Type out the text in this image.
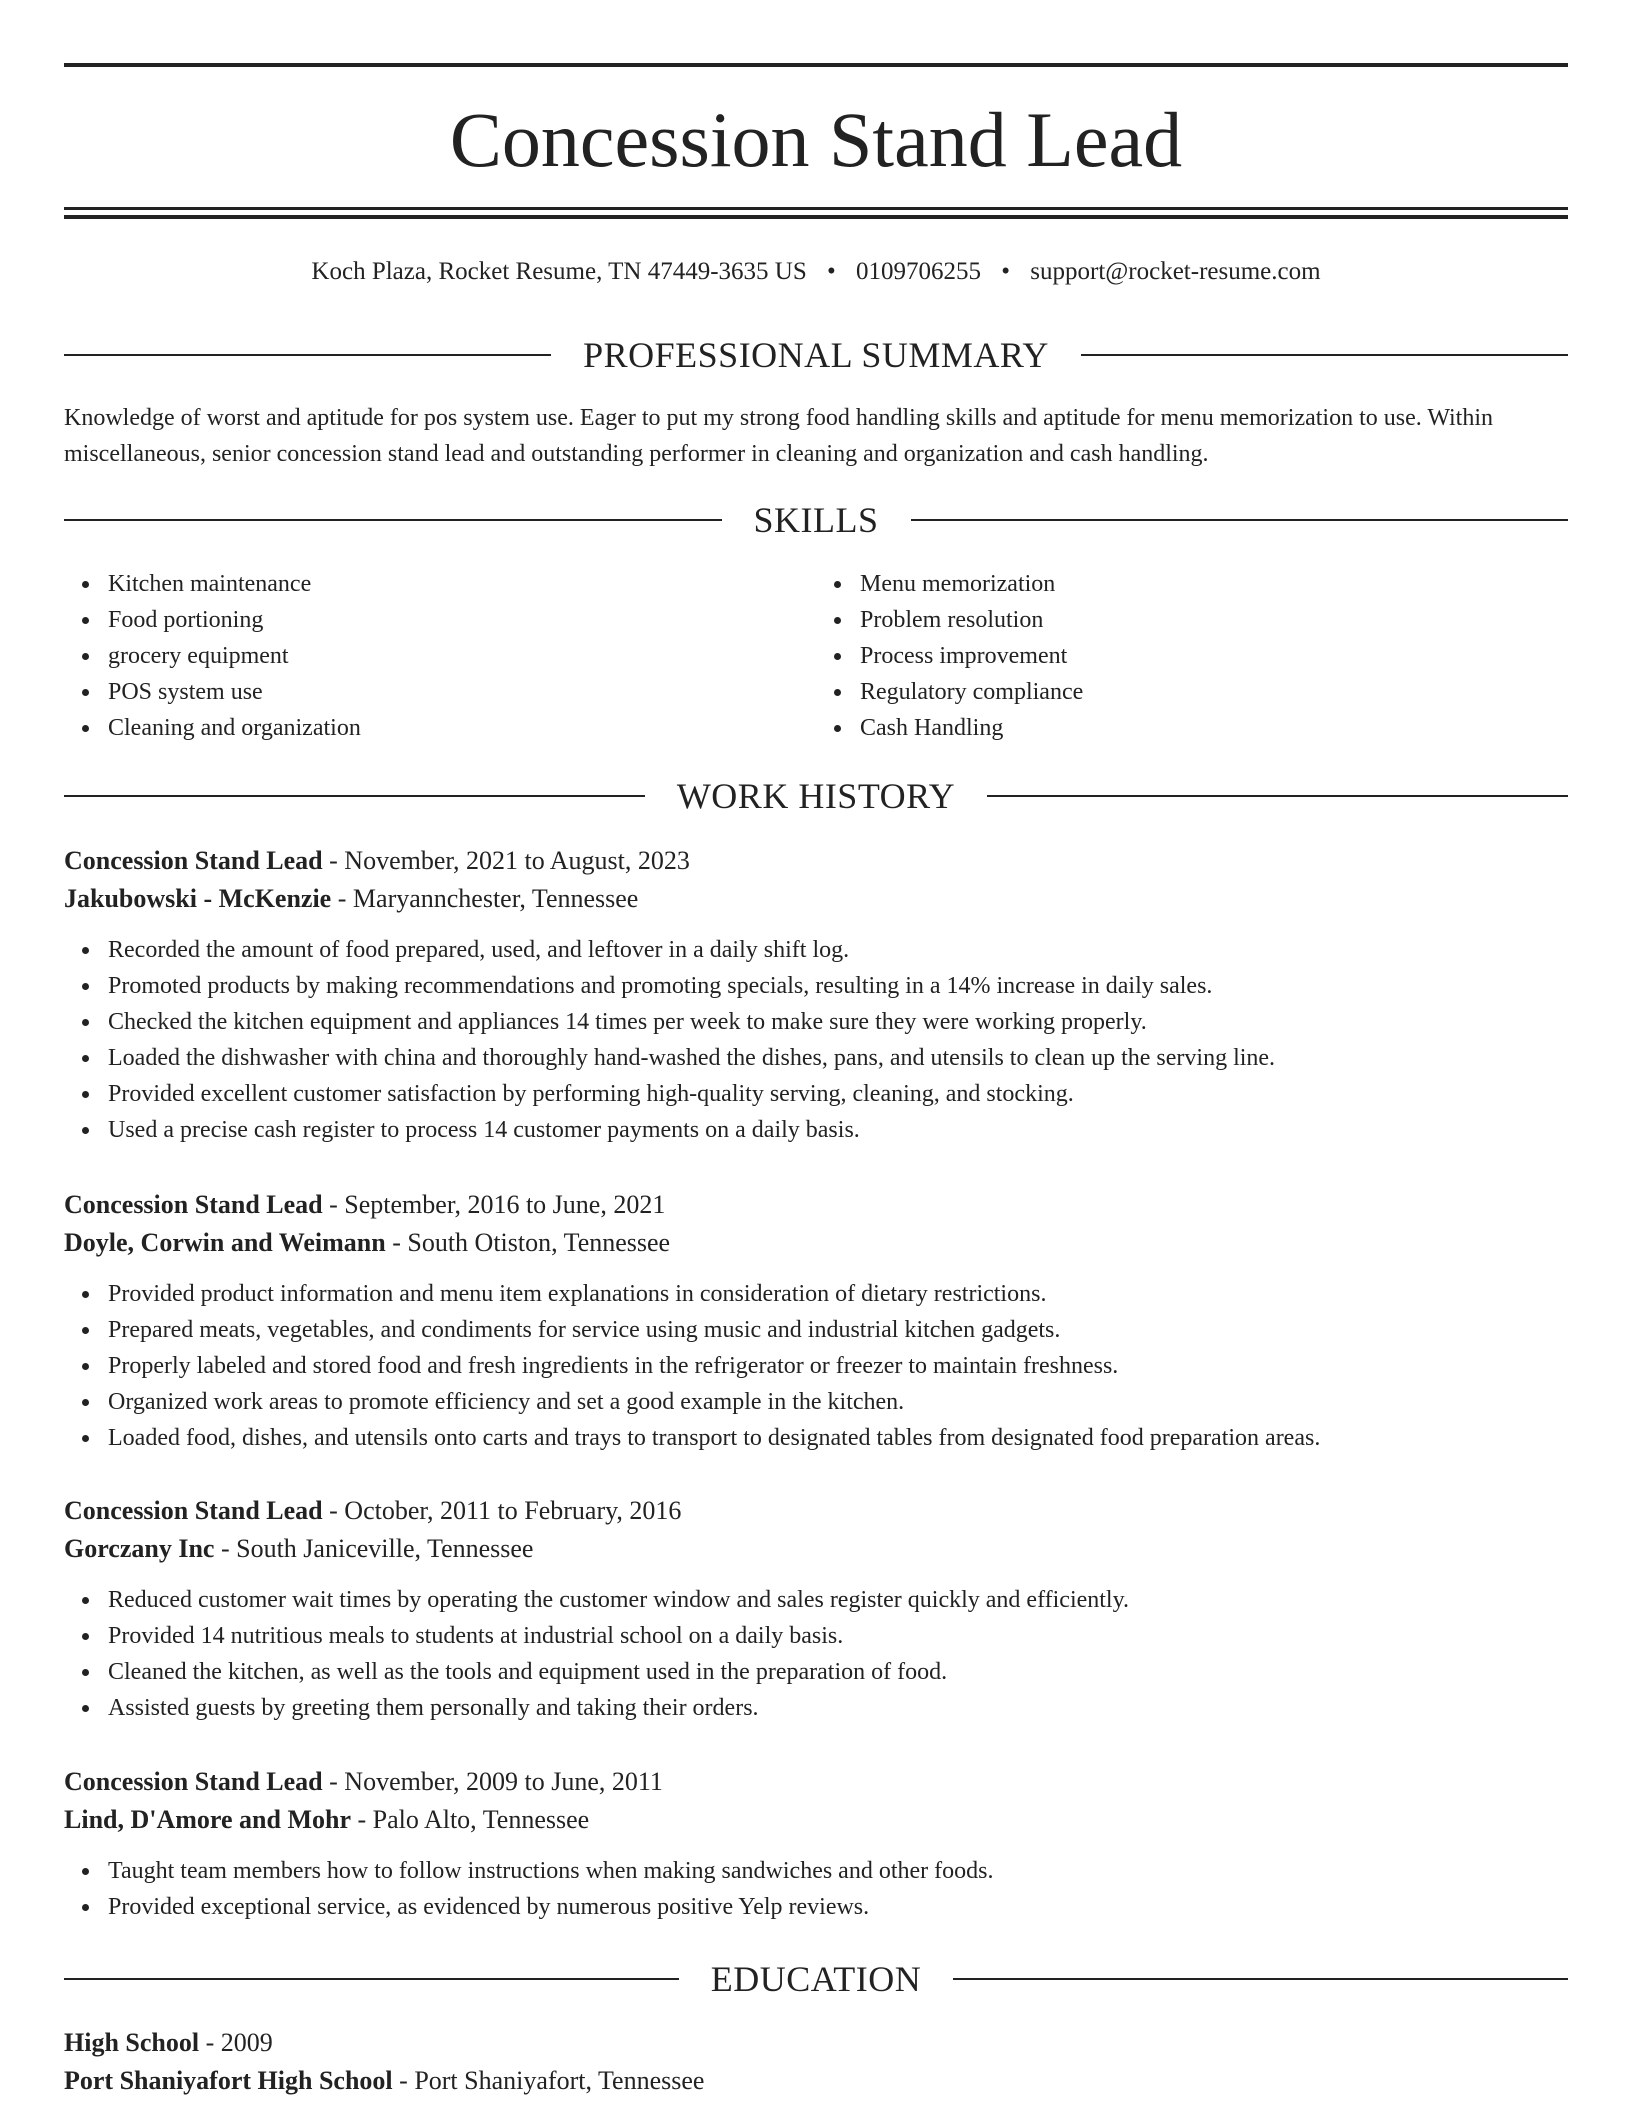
Concession Stand Lead
Koch Plaza, Rocket Resume, TN 47449-3635 US • 0109706255 • support@rocket-resume.com
PROFESSIONAL SUMMARY

Knowledge of worst and aptitude for pos system use. Eager to put my strong food handling skills and aptitude for menu memorization to use. Within miscellaneous, senior concession stand lead and outstanding performer in cleaning and organization and cash handling.

SKILLS
Kitchen maintenance
Food portioning
grocery equipment
POS system use
Cleaning and organization
Menu memorization
Problem resolution
Process improvement
Regulatory compliance
Cash Handling
WORK HISTORY
Concession Stand Lead - November, 2021 to August, 2023
Jakubowski - McKenzie - Maryannchester, Tennessee
Recorded the amount of food prepared, used, and leftover in a daily shift log.
Promoted products by making recommendations and promoting specials, resulting in a 14% increase in daily sales.
Checked the kitchen equipment and appliances 14 times per week to make sure they were working properly.
Loaded the dishwasher with china and thoroughly hand-washed the dishes, pans, and utensils to clean up the serving line.
Provided excellent customer satisfaction by performing high-quality serving, cleaning, and stocking.
Used a precise cash register to process 14 customer payments on a daily basis.
Concession Stand Lead - September, 2016 to June, 2021
Doyle, Corwin and Weimann - South Otiston, Tennessee
Provided product information and menu item explanations in consideration of dietary restrictions.
Prepared meats, vegetables, and condiments for service using music and industrial kitchen gadgets.
Properly labeled and stored food and fresh ingredients in the refrigerator or freezer to maintain freshness.
Organized work areas to promote efficiency and set a good example in the kitchen.
Loaded food, dishes, and utensils onto carts and trays to transport to designated tables from designated food preparation areas.
Concession Stand Lead - October, 2011 to February, 2016
Gorczany Inc - South Janiceville, Tennessee
Reduced customer wait times by operating the customer window and sales register quickly and efficiently.
Provided 14 nutritious meals to students at industrial school on a daily basis.
Cleaned the kitchen, as well as the tools and equipment used in the preparation of food.
Assisted guests by greeting them personally and taking their orders.
Concession Stand Lead - November, 2009 to June, 2011
Lind, D'Amore and Mohr - Palo Alto, Tennessee
Taught team members how to follow instructions when making sandwiches and other foods.
Provided exceptional service, as evidenced by numerous positive Yelp reviews.
EDUCATION
High School - 2009
Port Shaniyafort High School - Port Shaniyafort, Tennessee
